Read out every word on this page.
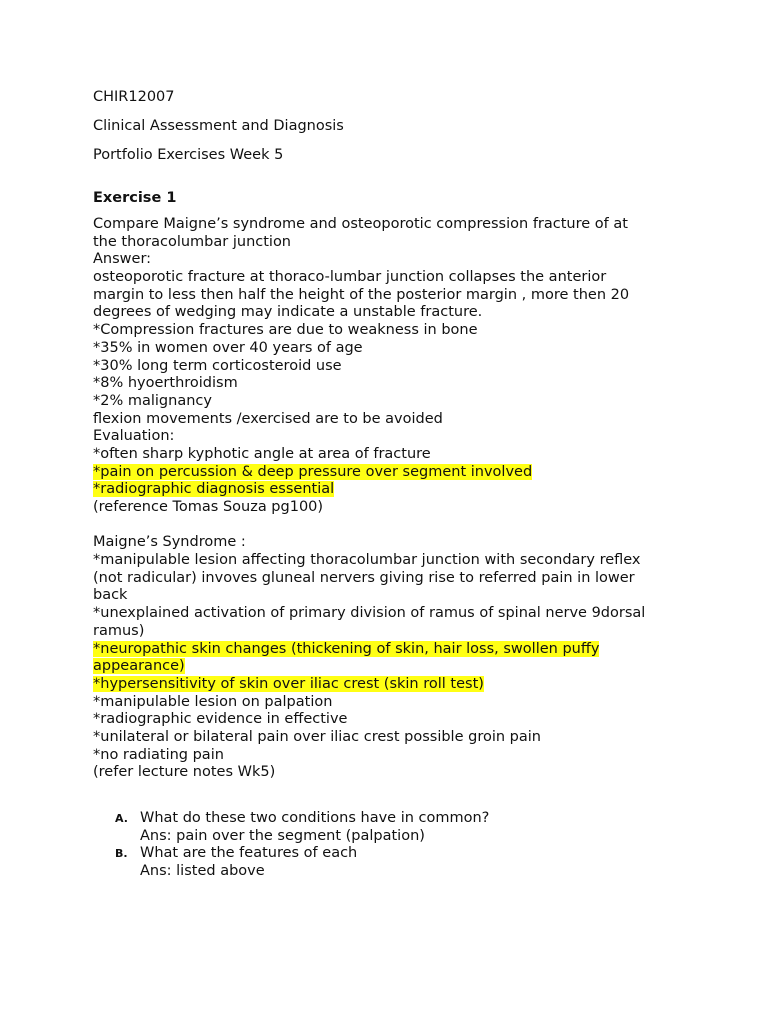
CHIR12007
Clinical Assessment and Diagnosis
Portfolio Exercises Week 5
Exercise 1
Compare Maigne’s syndrome and osteoporotic compression fracture of at
the thoracolumbar junction
Answer:
osteoporotic fracture at thoraco-lumbar junction collapses the anterior
margin to less then half the height of the posterior margin , more then 20
degrees of wedging may indicate a unstable fracture.
*Compression fractures are due to weakness in bone
*35% in women over 40 years of age
*30% long term corticosteroid use
*8% hyoerthroidism
*2% malignancy
flexion movements /exercised are to be avoided
Evaluation:
*often sharp kyphotic angle at area of fracture
*pain on percussion & deep pressure over segment involved
*radiographic diagnosis essential
(reference Tomas Souza pg100)
Maigne’s Syndrome :
*manipulable lesion affecting thoracolumbar junction with secondary reflex
(not radicular) invoves gluneal nervers giving rise to referred pain in lower
back
*unexplained activation of primary division of ramus of spinal nerve 9dorsal
ramus)
*neuropathic skin changes (thickening of skin, hair loss, swollen puffy
appearance)
*hypersensitivity of skin over iliac crest (skin roll test)
*manipulable lesion on palpation
*radiographic evidence in effective
*unilateral or bilateral pain over iliac crest possible groin pain
*no radiating pain
(refer lecture notes Wk5)
A. What do these two conditions have in common?
Ans: pain over the segment (palpation)
B. What are the features of each
Ans: listed above
